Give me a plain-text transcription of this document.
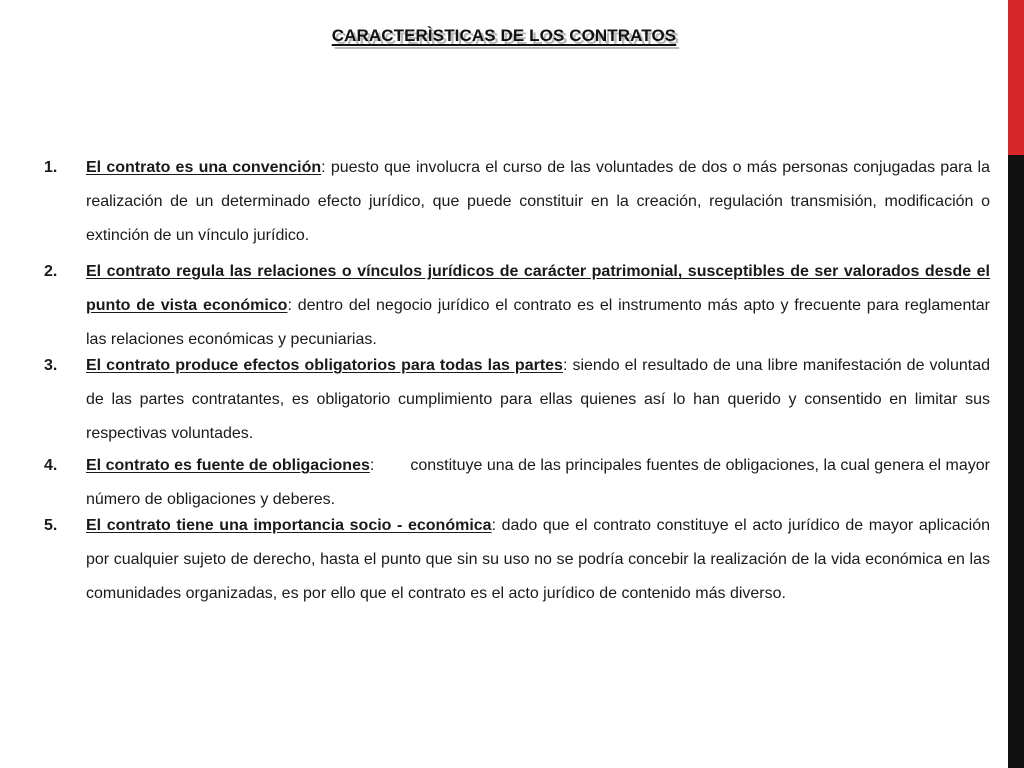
CARACTERÌSTICAS DE LOS CONTRATOS
1. El contrato es una convención: puesto que involucra el curso de las voluntades de dos o más personas conjugadas para la realización de un determinado efecto jurídico, que puede constituir en la creación, regulación transmisión, modificación o extinción de un vínculo jurídico.
2. El contrato regula las relaciones o vínculos jurídicos de carácter patrimonial, susceptibles de ser valorados desde el punto de vista económico: dentro del negocio jurídico el contrato es el instrumento más apto y frecuente para reglamentar las relaciones económicas y pecuniarias.
3. El contrato produce efectos obligatorios para todas las partes: siendo el resultado de una libre manifestación de voluntad de las partes contratantes, es obligatorio cumplimiento para ellas quienes así lo han querido y consentido en limitar sus respectivas voluntades.
4. El contrato es fuente de obligaciones:        constituye una de las principales fuentes de obligaciones, la cual genera el mayor número de obligaciones y deberes.
5. El contrato tiene una importancia socio - económica: dado que el contrato constituye el acto jurídico de mayor aplicación por cualquier sujeto de derecho, hasta el punto que sin su uso no se podría concebir la realización de la vida económica en las comunidades organizadas, es por ello que el contrato es el acto jurídico de contenido más diverso.
